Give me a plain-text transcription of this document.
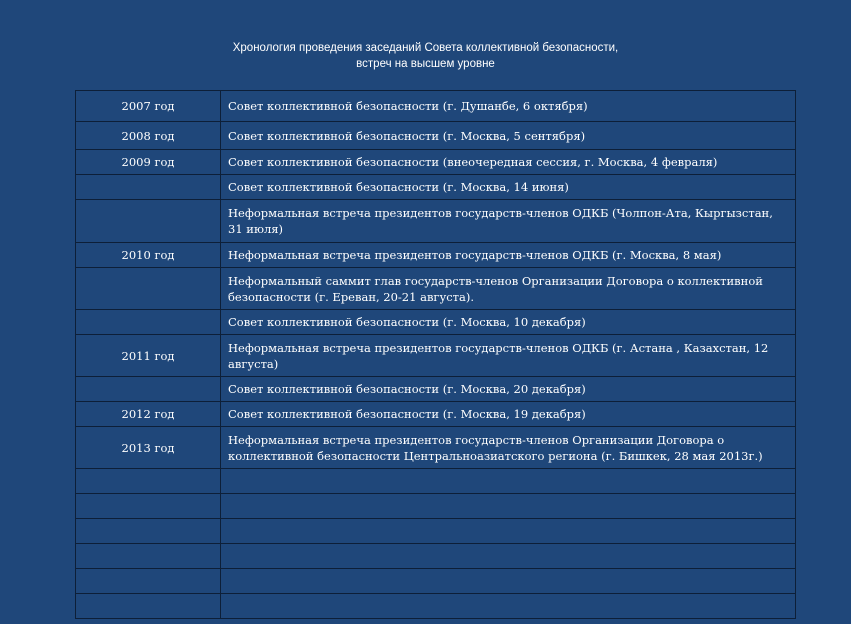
Хронология проведения заседаний Совета коллективной безопасности,
встреч на высшем уровне
2007 год	Совет коллективной безопасности (г. Душанбе, 6 октября)
2008 год	Совет коллективной безопасности (г. Москва, 5 сентября)
2009 год	Совет коллективной безопасности (внеочередная сессия, г. Москва, 4 февраля)
	Совет коллективной безопасности (г. Москва, 14 июня)
	Неформальная встреча президентов государств-членов ОДКБ (Чолпон-Ата, Кыргызстан, 31 июля)
2010 год	Неформальная встреча президентов государств-членов ОДКБ (г. Москва, 8 мая)
	Неформальный саммит глав государств-членов Организации Договора о коллективной безопасности (г. Ереван, 20-21 августа).
	Совет коллективной безопасности (г. Москва, 10 декабря)
2011 год	Неформальная встреча президентов государств-членов ОДКБ (г. Астана , Казахстан, 12 августа)
	Совет коллективной безопасности (г. Москва, 20 декабря)
2012 год	Совет коллективной безопасности (г. Москва, 19 декабря)
2013 год	Неформальная встреча президентов государств-членов Организации Договора о коллективной безопасности Центральноазиатского региона (г. Бишкек, 28 мая 2013г.)
